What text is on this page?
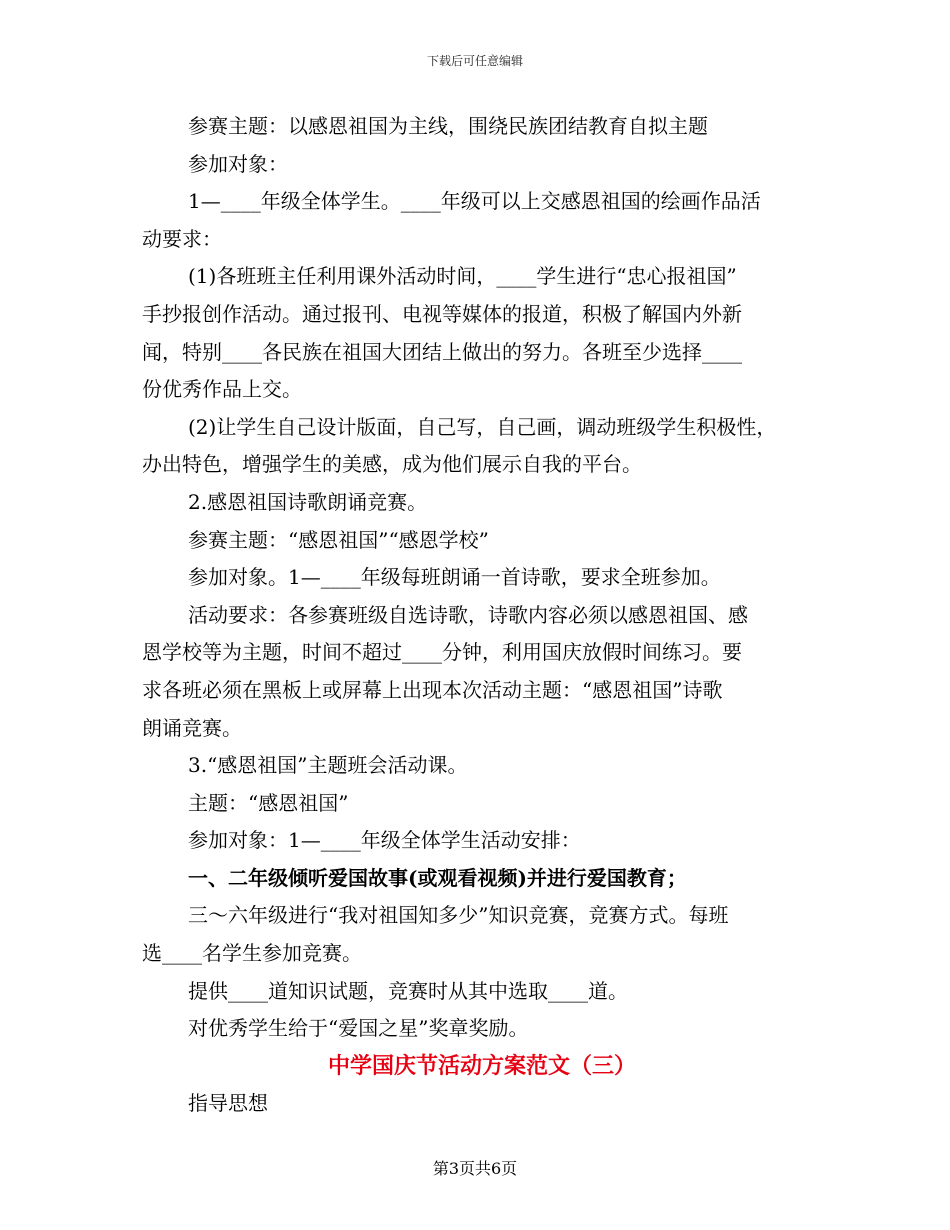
下载后可任意编辑

参赛主题：以感恩祖国为主线，围绕民族团结教育自拟主题

参加对象：

1—____年级全体学生。____年级可以上交感恩祖国的绘画作品活

动要求：

(1)各班班主任利用课外活动时间，____学生进行“忠心报祖国”

手抄报创作活动。通过报刊、电视等媒体的报道，积极了解国内外新

闻，特别____各民族在祖国大团结上做出的努力。各班至少选择____

份优秀作品上交。

(2)让学生自己设计版面，自己写，自己画，调动班级学生积极性，

办出特色，增强学生的美感，成为他们展示自我的平台。

2.感恩祖国诗歌朗诵竞赛。

参赛主题：“感恩祖国”“感恩学校”

参加对象。1—____年级每班朗诵一首诗歌，要求全班参加。

活动要求：各参赛班级自选诗歌，诗歌内容必须以感恩祖国、感

恩学校等为主题，时间不超过____分钟，利用国庆放假时间练习。要

求各班必须在黑板上或屏幕上出现本次活动主题：“感恩祖国”诗歌

朗诵竞赛。

3.“感恩祖国”主题班会活动课。

主题：“感恩祖国”

参加对象：1—____年级全体学生活动安排：

一、二年级倾听爱国故事(或观看视频)并进行爱国教育；

三～六年级进行“我对祖国知多少”知识竞赛，竞赛方式。每班

选____名学生参加竞赛。

提供____道知识试题，竞赛时从其中选取____道。

对优秀学生给于“爱国之星”奖章奖励。

中学国庆节活动方案范文（三）

指导思想

第3页共6页
